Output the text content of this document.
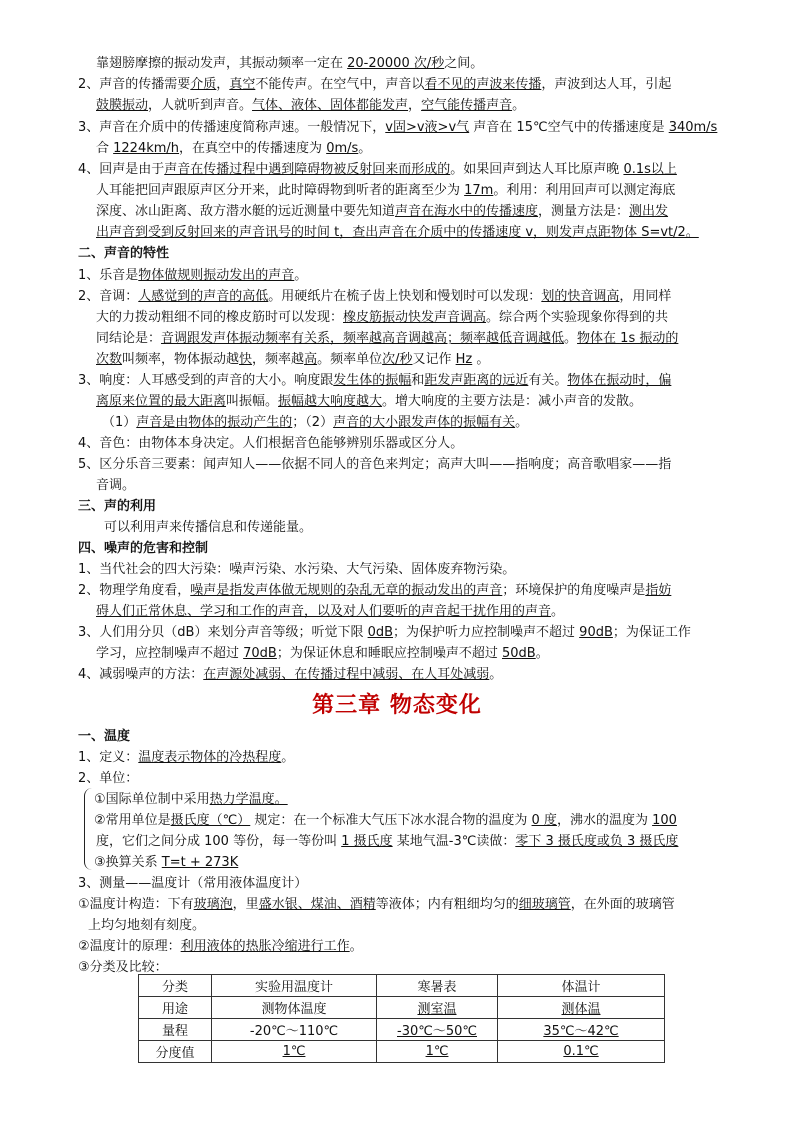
靠翅膀摩擦的振动发声，其振动频率一定在 20-20000 次/秒之间。
2、声音的传播需要介质，真空不能传声。在空气中，声音以看不见的声波来传播，声波到达人耳，引起
鼓膜振动，人就听到声音。气体、液体、固体都能发声，空气能传播声音。
3、声音在介质中的传播速度简称声速。一般情况下，v固>v液>v气 声音在 15℃空气中的传播速度是 340m/s
合 1224km/h，在真空中的传播速度为 0m/s。
4、回声是由于声音在传播过程中遇到障碍物被反射回来而形成的。如果回声到达人耳比原声晚 0.1s以上
人耳能把回声跟原声区分开来，此时障碍物到听者的距离至少为 17m。利用：利用回声可以测定海底
深度、冰山距离、敌方潜水艇的远近测量中要先知道声音在海水中的传播速度，测量方法是：测出发
出声音到受到反射回来的声音讯号的时间 t，查出声音在介质中的传播速度 v，则发声点距物体 S=vt/2。
二、声音的特性
1、乐音是物体做规则振动发出的声音。
2、音调：人感觉到的声音的高低。用硬纸片在梳子齿上快划和慢划时可以发现：划的快音调高，用同样
大的力拨动粗细不同的橡皮筋时可以发现：橡皮筋振动快发声音调高。综合两个实验现象你得到的共
同结论是：音调跟发声体振动频率有关系，频率越高音调越高；频率越低音调越低。物体在 1s 振动的
次数叫频率，物体振动越快，频率越高。频率单位次/秒又记作 Hz 。
3、响度：人耳感受到的声音的大小。响度跟发生体的振幅和距发声距离的远近有关。物体在振动时，偏
离原来位置的最大距离叫振幅。振幅越大响度越大。增大响度的主要方法是：减小声音的发散。
（1）声音是由物体的振动产生的；（2）声音的大小跟发声体的振幅有关。
4、音色：由物体本身决定。人们根据音色能够辨别乐器或区分人。
5、区分乐音三要素：闻声知人——依据不同人的音色来判定；高声大叫——指响度；高音歌唱家——指
音调。
三、声的利用
可以利用声来传播信息和传递能量。
四、噪声的危害和控制
1、当代社会的四大污染：噪声污染、水污染、大气污染、固体废弃物污染。
2、物理学角度看，噪声是指发声体做无规则的杂乱无章的振动发出的声音；环境保护的角度噪声是指妨
碍人们正常休息、学习和工作的声音，以及对人们要听的声音起干扰作用的声音。
3、人们用分贝（dB）来划分声音等级；听觉下限 0dB；为保护听力应控制噪声不超过 90dB；为保证工作
学习，应控制噪声不超过 70dB；为保证休息和睡眠应控制噪声不超过 50dB。
4、减弱噪声的方法：在声源处减弱、在传播过程中减弱、在人耳处减弱。
一、温度
1、定义：温度表示物体的冷热程度。
2、单位：
①国际单位制中采用热力学温度。
②常用单位是摄氏度（℃） 规定：在一个标准大气压下冰水混合物的温度为 0 度，沸水的温度为 100
度，它们之间分成 100 等份，每一等份叫 1 摄氏度 某地气温-3℃读做：零下 3 摄氏度或负 3 摄氏度
③换算关系 T=t + 273K
3、测量——温度计（常用液体温度计）
①温度计构造：下有玻璃泡，里盛水银、煤油、酒精等液体；内有粗细均匀的细玻璃管，在外面的玻璃管
上均匀地刻有刻度。
②温度计的原理：利用液体的热胀冷缩进行工作。
③分类及比较：
第三章 物态变化
分类	实验用温度计	寒暑表	体温计
用途	测物体温度	测室温	测体温
量程	-20℃～110℃	-30℃～50℃	35℃～42℃
分度值	1℃	1℃	0.1℃
